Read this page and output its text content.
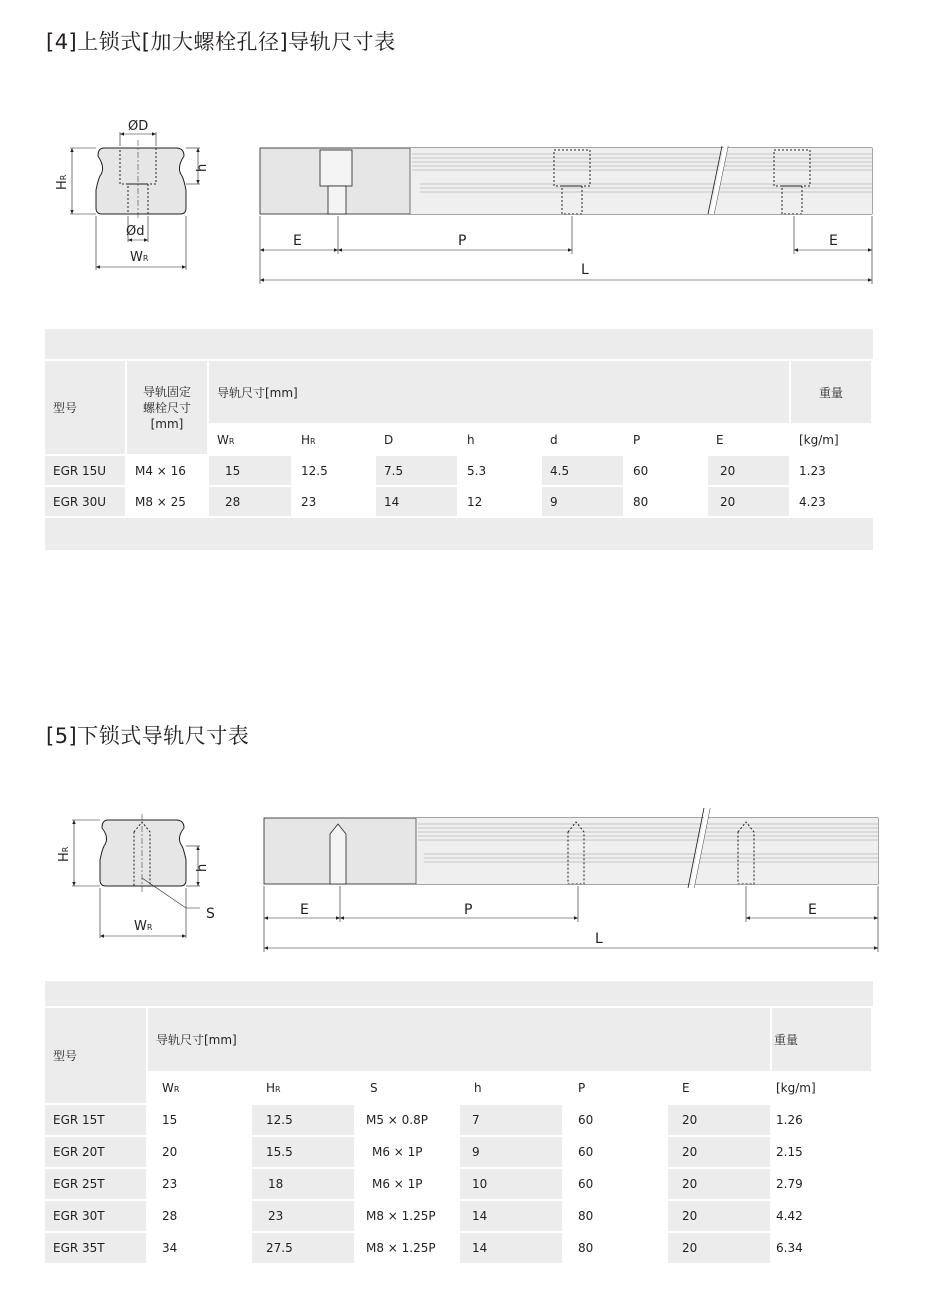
[4]上锁式[加大螺栓孔径]导轨尺寸表
ØD
HR
h
Ød
WR
E	P	E
L

型号	导轨固定
螺栓尺寸
[mm]	导轨尺寸[mm]							重量
		WR	HR	D	h	d	P	E	[kg/m]
EGR 15U	M4 × 16	15	12.5	7.5	5.3	4.5	60	20	1.23
EGR 30U	M8 × 25	28	23	14	12	9	80	20	4.23

[5]下锁式导轨尺寸表
HR
h
S
WR
E	P	E
L

型号	导轨尺寸[mm]						重量
	WR	HR	S	h	P	E	[kg/m]
EGR 15T	15	12.5	M5 × 0.8P	7	60	20	1.26
EGR 20T	20	15.5	M6 × 1P	9	60	20	2.15
EGR 25T	23	18	M6 × 1P	10	60	20	2.79
EGR 30T	28	23	M8 × 1.25P	14	80	20	4.42
EGR 35T	34	27.5	M8 × 1.25P	14	80	20	6.34
